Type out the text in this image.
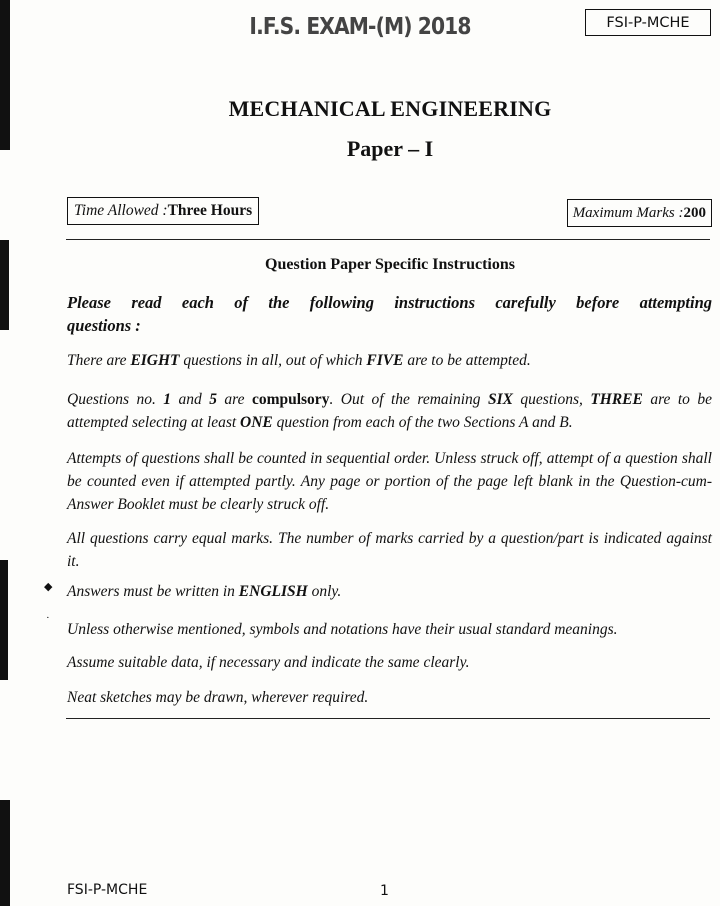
I.F.S. EXAM-(M) 2018	FSI-P-MCHE
MECHANICAL ENGINEERING
Paper – I
Time Allowed : Three Hours	Maximum Marks : 200
Question Paper Specific Instructions
Please read each of the following instructions carefully before attempting
questions :
There are EIGHT questions in all, out of which FIVE are to be attempted.
Questions no. 1 and 5 are compulsory. Out of the remaining SIX questions, THREE are to be attempted selecting at least ONE question from each of the two Sections A and B.
Attempts of questions shall be counted in sequential order. Unless struck off, attempt of a question shall be counted even if attempted partly. Any page or portion of the page left blank in the Question-cum-Answer Booklet must be clearly struck off.
All questions carry equal marks. The number of marks carried by a question/part is indicated against it.
Answers must be written in ENGLISH only.
Unless otherwise mentioned, symbols and notations have their usual standard meanings.
Assume suitable data, if necessary and indicate the same clearly.
Neat sketches may be drawn, wherever required.
◆
·
FSI-P-MCHE	1
